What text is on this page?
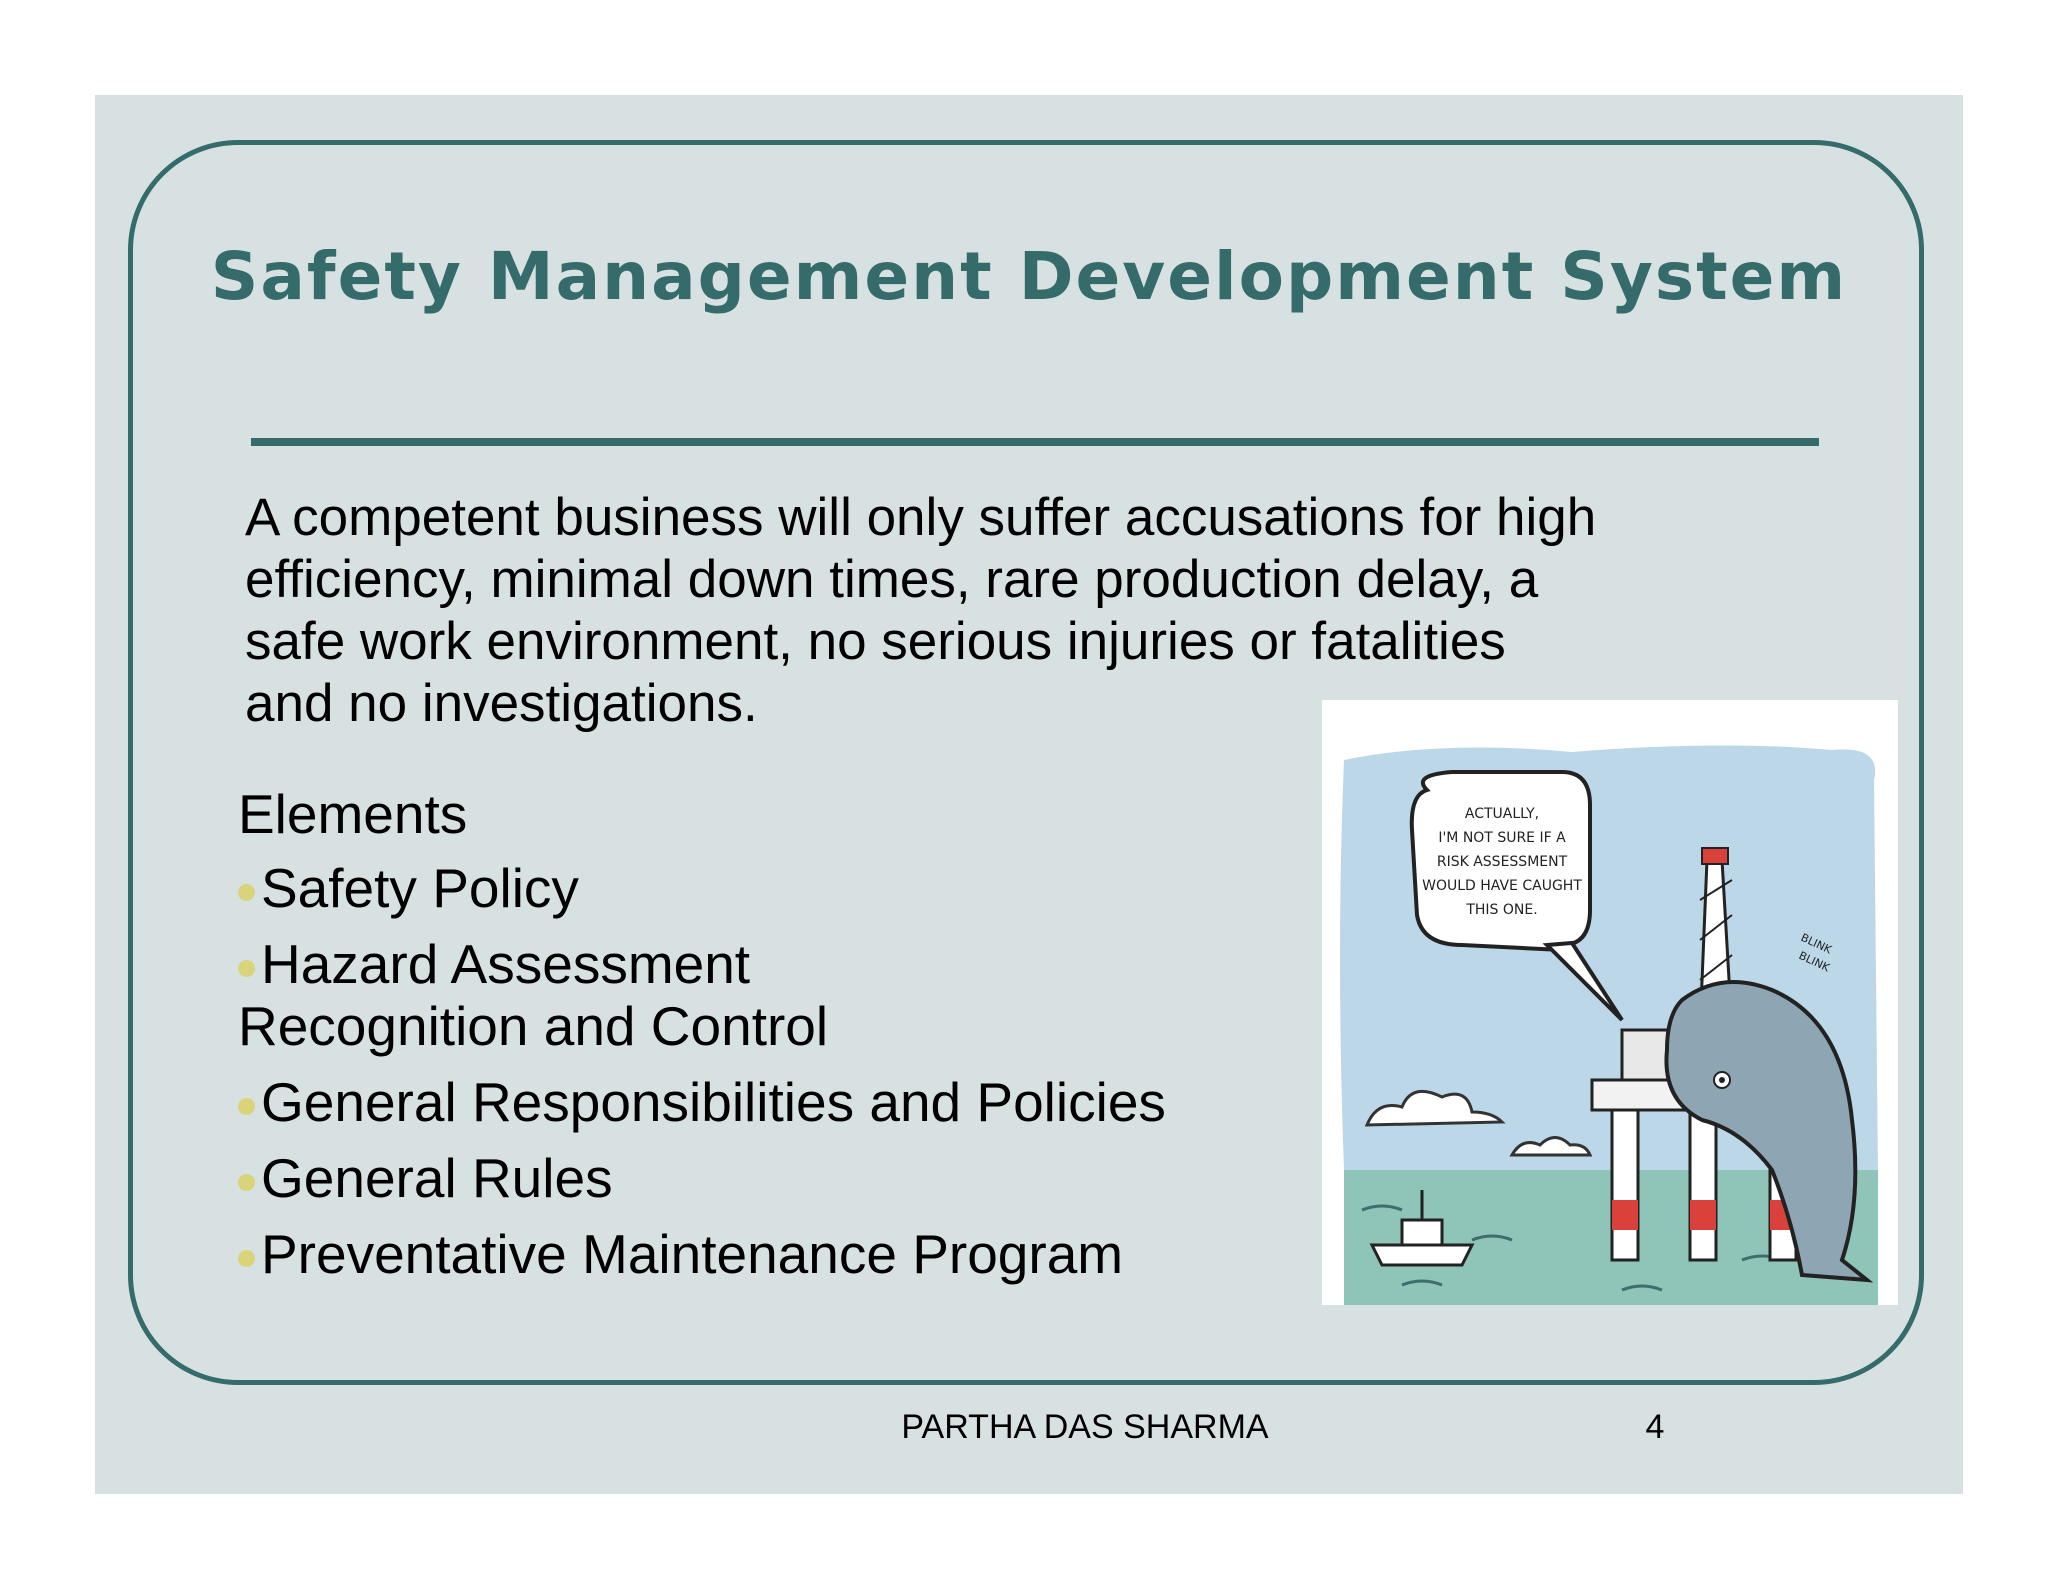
Safety Management Development System
A competent business will only suffer accusations for high
efficiency, minimal down times, rare production delay, a
safe work environment, no serious injuries or fatalities
and no investigations.
Elements
Safety Policy
Hazard Assessment Recognition and Control
General Responsibilities and Policies
General Rules
Preventative Maintenance Program
ACTUALLY,
I'M NOT SURE IF A
RISK ASSESSMENT
WOULD HAVE CAUGHT
THIS ONE.
BLINK
BLINK
PARTHA DAS SHARMA	4
